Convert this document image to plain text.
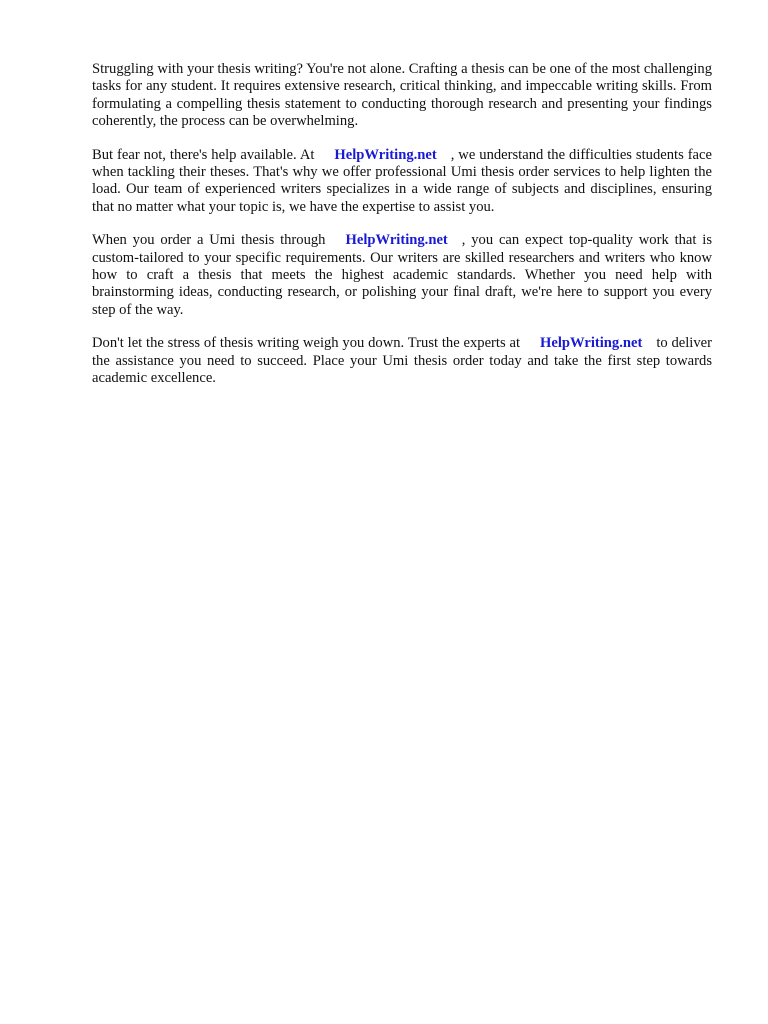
Struggling with your thesis writing? You're not alone. Crafting a thesis can be one of the most challenging tasks for any student. It requires extensive research, critical thinking, and impeccable writing skills. From formulating a compelling thesis statement to conducting thorough research and presenting your findings coherently, the process can be overwhelming.

But fear not, there's help available. At HelpWriting.net , we understand the difficulties students face when tackling their theses. That's why we offer professional Umi thesis order services to help lighten the load. Our team of experienced writers specializes in a wide range of subjects and disciplines, ensuring that no matter what your topic is, we have the expertise to assist you.

When you order a Umi thesis through HelpWriting.net , you can expect top-quality work that is custom-tailored to your specific requirements. Our writers are skilled researchers and writers who know how to craft a thesis that meets the highest academic standards. Whether you need help with brainstorming ideas, conducting research, or polishing your final draft, we're here to support you every step of the way.

Don't let the stress of thesis writing weigh you down. Trust the experts at HelpWriting.net to deliver the assistance you need to succeed. Place your Umi thesis order today and take the first step towards academic excellence.
